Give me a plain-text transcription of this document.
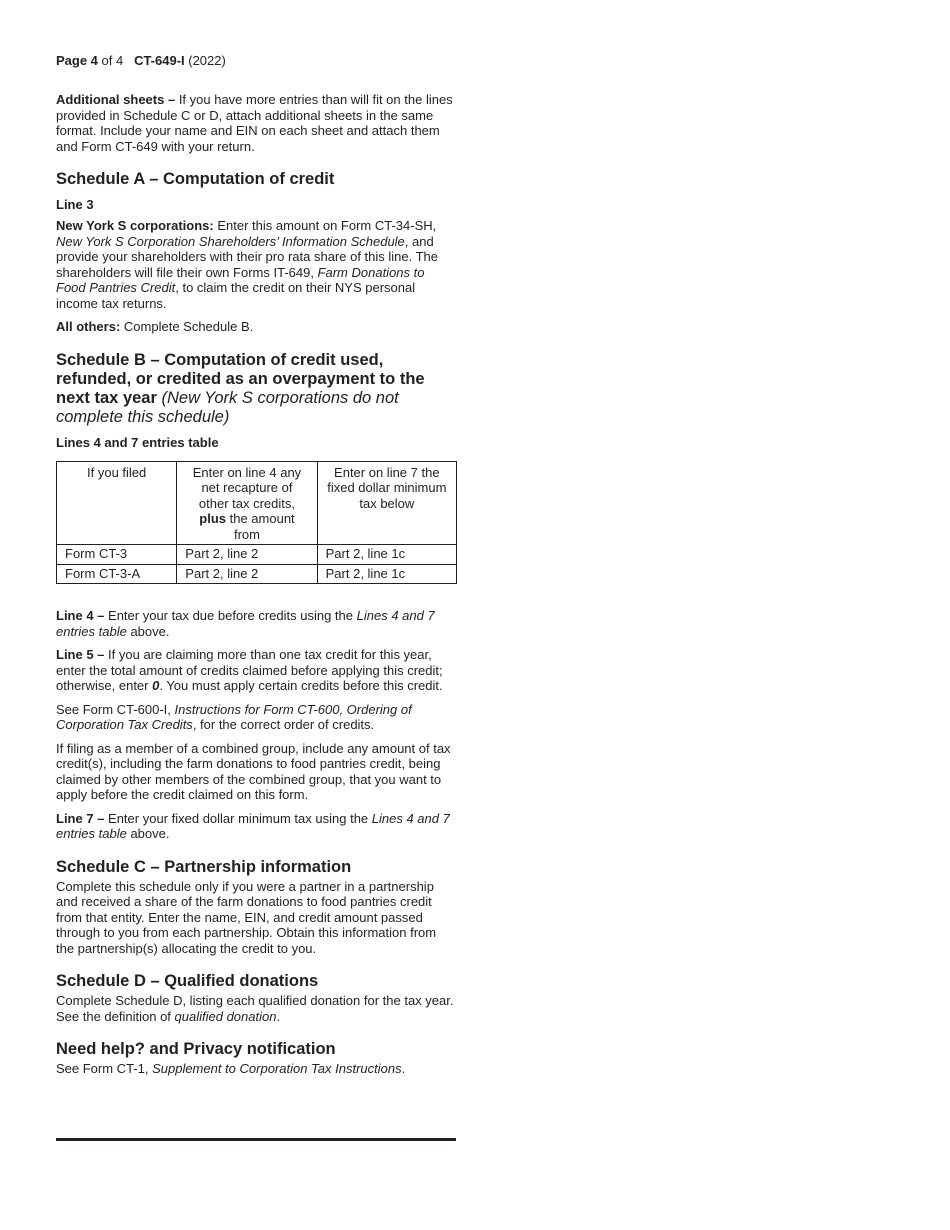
Page 4 of 4 CT-649-I (2022)

Additional sheets – If you have more entries than will fit on the lines provided in Schedule C or D, attach additional sheets in the same format. Include your name and EIN on each sheet and attach them and Form CT-649 with your return.

Schedule A – Computation of credit
Line 3

New York S corporations: Enter this amount on Form CT-34-SH, New York S Corporation Shareholders’ Information Schedule, and provide your shareholders with their pro rata share of this line. The shareholders will file their own Forms IT-649, Farm Donations to Food Pantries Credit, to claim the credit on their NYS personal income tax returns.

All others: Complete Schedule B.

Schedule B – Computation of credit used, refunded, or credited as an overpayment to the next tax year (New York S corporations do not complete this schedule)
Lines 4 and 7 entries table
If you filed	Enter on line 4 any net recapture of other tax credits, plus the amount from	Enter on line 7 the fixed dollar minimum tax below
Form CT-3	Part 2, line 2	Part 2, line 1c
Form CT-3-A	Part 2, line 2	Part 2, line 1c

Line 4 – Enter your tax due before credits using the Lines 4 and 7 entries table above.

Line 5 – If you are claiming more than one tax credit for this year, enter the total amount of credits claimed before applying this credit; otherwise, enter 0. You must apply certain credits before this credit.

See Form CT-600-I, Instructions for Form CT-600, Ordering of Corporation Tax Credits, for the correct order of credits.

If filing as a member of a combined group, include any amount of tax credit(s), including the farm donations to food pantries credit, being claimed by other members of the combined group, that you want to apply before the credit claimed on this form.

Line 7 – Enter your fixed dollar minimum tax using the Lines 4 and 7 entries table above.

Schedule C – Partnership information

Complete this schedule only if you were a partner in a partnership and received a share of the farm donations to food pantries credit from that entity. Enter the name, EIN, and credit amount passed through to you from each partnership. Obtain this information from the partnership(s) allocating the credit to you.

Schedule D – Qualified donations

Complete Schedule D, listing each qualified donation for the tax year. See the definition of qualified donation.

Need help? and Privacy notification

See Form CT-1, Supplement to Corporation Tax Instructions.
